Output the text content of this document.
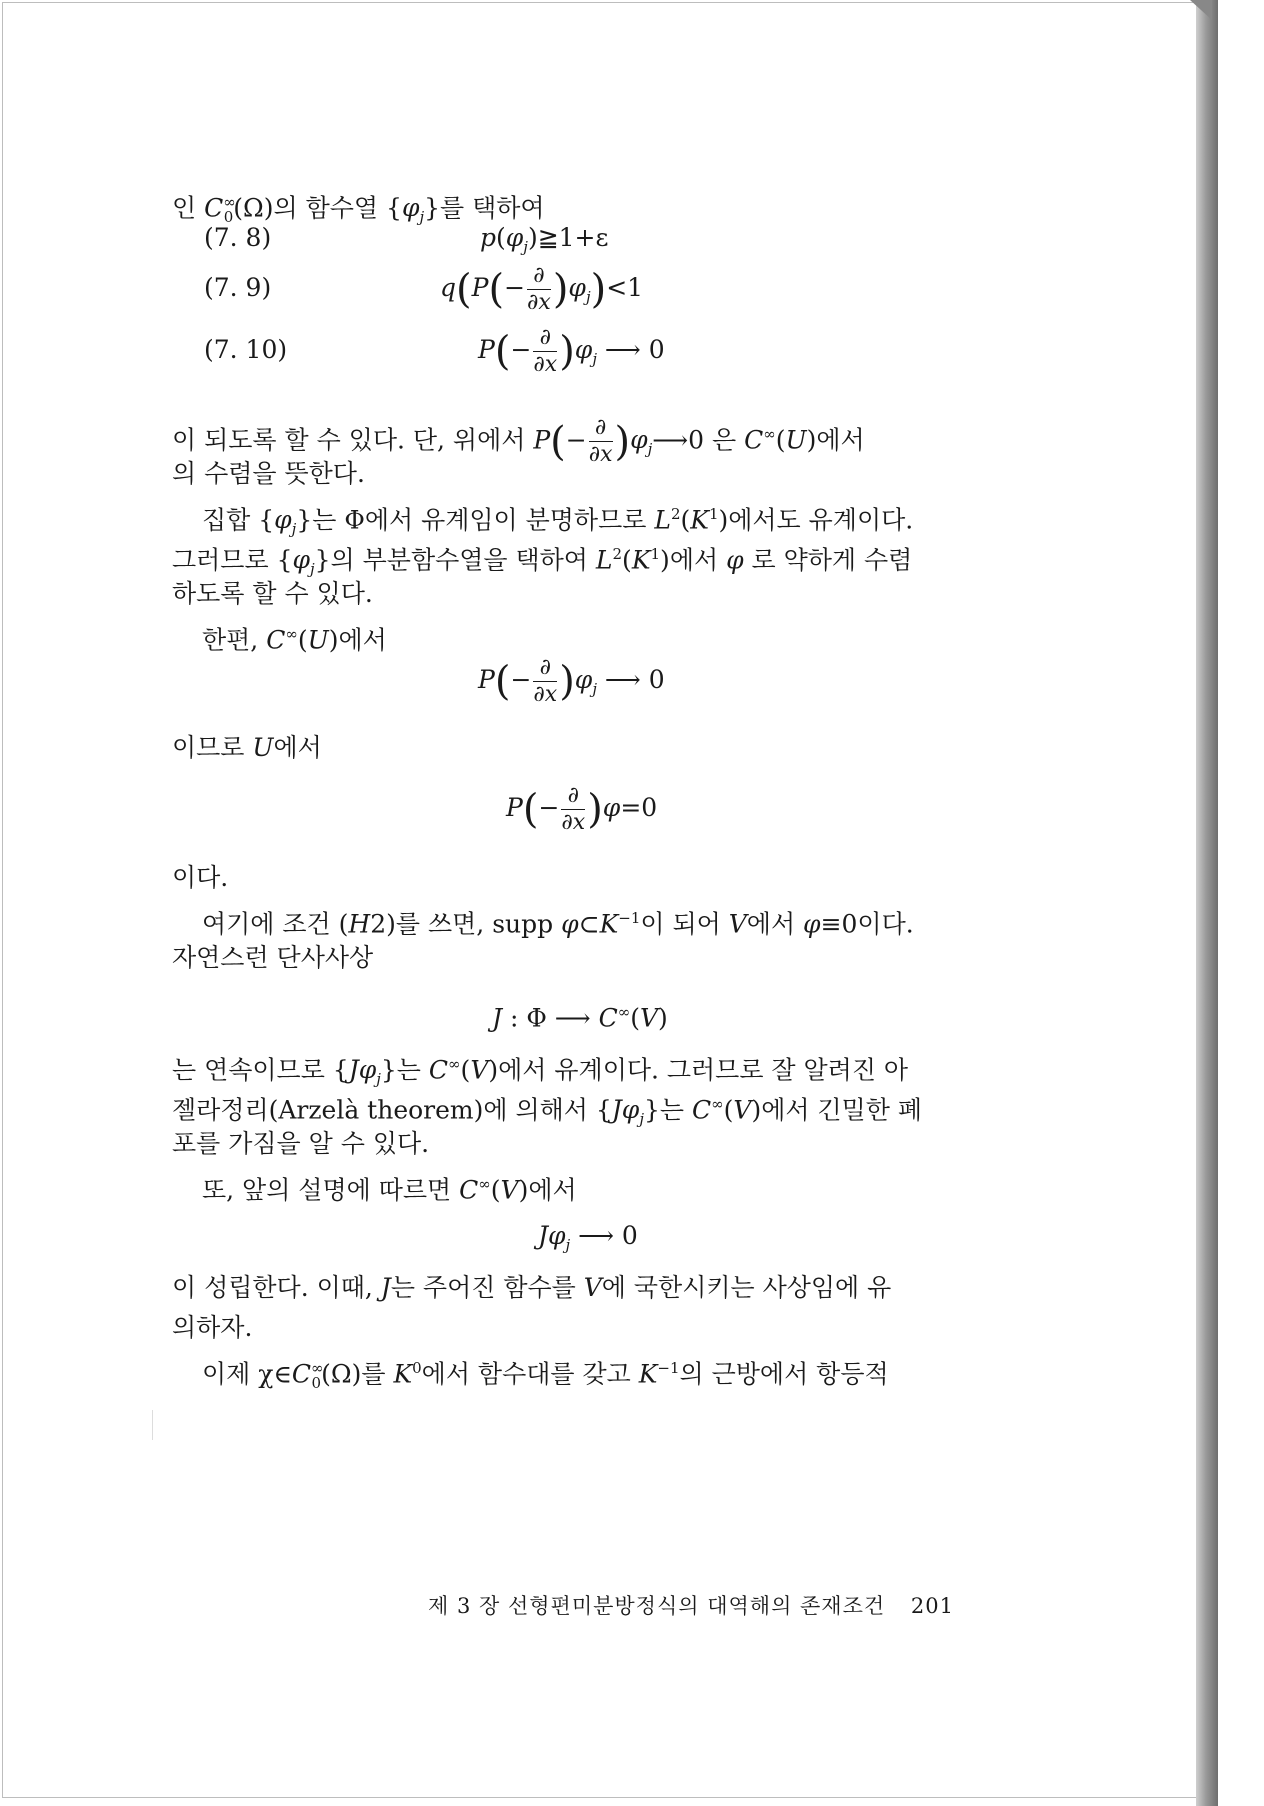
인 $C^\infty_0(\Omega)$의 함수열 $\{\varphi_j\}$를 택하여
(7. 8)	$p(\varphi_j)≧1+\varepsilon$
(7. 9)	$q(P(- \frac{\partial}{\partial x} )\varphi_j)<1$
(7. 10)	$P(- \frac{\partial}{\partial x} )\varphi_j$ ⟶ 0
이 되도록 할 수 있다. 단, 위에서 $P(- \frac{\partial}{\partial x}$ )$\varphi_j⟶0$ 은 C∞(U)에서
의 수렴을 뜻한다.
집합 $\{\varphi_j\}$는 Φ에서 유계임이 분명하므로 $L^2(K^1)$에서도 유계이다.
그러므로 $\{\varphi_j\}$의 부분함수열을 택하여 $L^2(K^1)$에서 φ 로 약하게 수렴
하도록 할 수 있다.
한편, C∞(U)에서
$P(- \frac{\partial}{\partial x} )\varphi_j$ ⟶ 0
이므로 U에서
$P(- \frac{\partial}{\partial x} )\varphi=0$
이다.
여기에 조건 (H2)를 쓰면, supp $\varphi\subset K^{-1}$이 되어 V에서 φ≡0이다.
자연스런 단사사상
J : Φ ⟶ C∞(V)
는 연속이므로 $\{J\varphi_j\}$는 C∞(V)에서 유계이다. 그러므로 잘 알려진 아
젤라정리(Arzelà theorem)에 의해서 $\{J\varphi_j\}$는 C∞(V)에서 긴밀한 폐
포를 가짐을 알 수 있다.
또, 앞의 설명에 따르면 C∞(V)에서
$J\varphi_j$ ⟶ 0
이 성립한다. 이때, J는 주어진 함수를 V에 국한시키는 사상임에 유
의하자.
이제 $\chi\in C^\infty_0(\Omega)$를 $K^0$에서 함수대를 갖고 $K^{-1}$의 근방에서 항등적
제 3 장 선형편미분방정식의 대역해의 존재조건 201
